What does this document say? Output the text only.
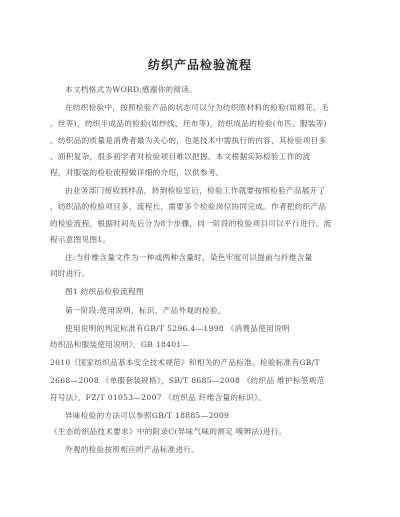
纺织产品检验流程
本文档格式为WORD,感谢你的阅读。
在纺织检验中，按照检验产品的状态可以分为纺织原材料的检验(如棉花、毛
、丝等)，纺织半成品的检验(如纱线、坯布等)，纺织成品的检验(布匹、服装等)
。纺织品的质量是消费者最为关心的，也是技术中需执行的内容，其检验项目多
、面积复杂，很多初学者对检验项目难以把握。本文根据实际检验工作的流
程，对服装的检验流程做详细的介绍，以供参考。
由业务部门接收到样品，转到检验室后，检验工作就要按照检验产品展开了
，纺织品的检验项目多，流程长，需要多个检验岗位协同完成。作者把纺织产品
的检验流程，根据时间先后分为8个步骤，同一阶段的检验项目可以平行进行。流
程示意图见图1。
注:当纤维含量文件为一种或两种含量时，染色牢度可以提前与纤维含量
同时进行。
图1 纺织品检验流程图
第一阶段:使用说明、标识、产品外观的检验。
使用说明的判定标准有GB/T 5296.4—1998 《消费品使用说明
纺织品和服装使用说明》，GB 18401—
2010《国家纺织品基本安全技术规范》和相关的产品标准。检验标准有GB/T
2668—2008 《单服套装规格》，SB/T 8685—2008 《纺织品 维护标签规范
符号法》，FZ/T 01053—2007 《纺织品 纤维含量的标识》。
异味检验的方法可以参照GB/T 18885—2009
《生态纺织品技术要求》中的附录C(异味气味的测定 嗅辨法)进行。
外观的检验按照相应的产品标准进行。
